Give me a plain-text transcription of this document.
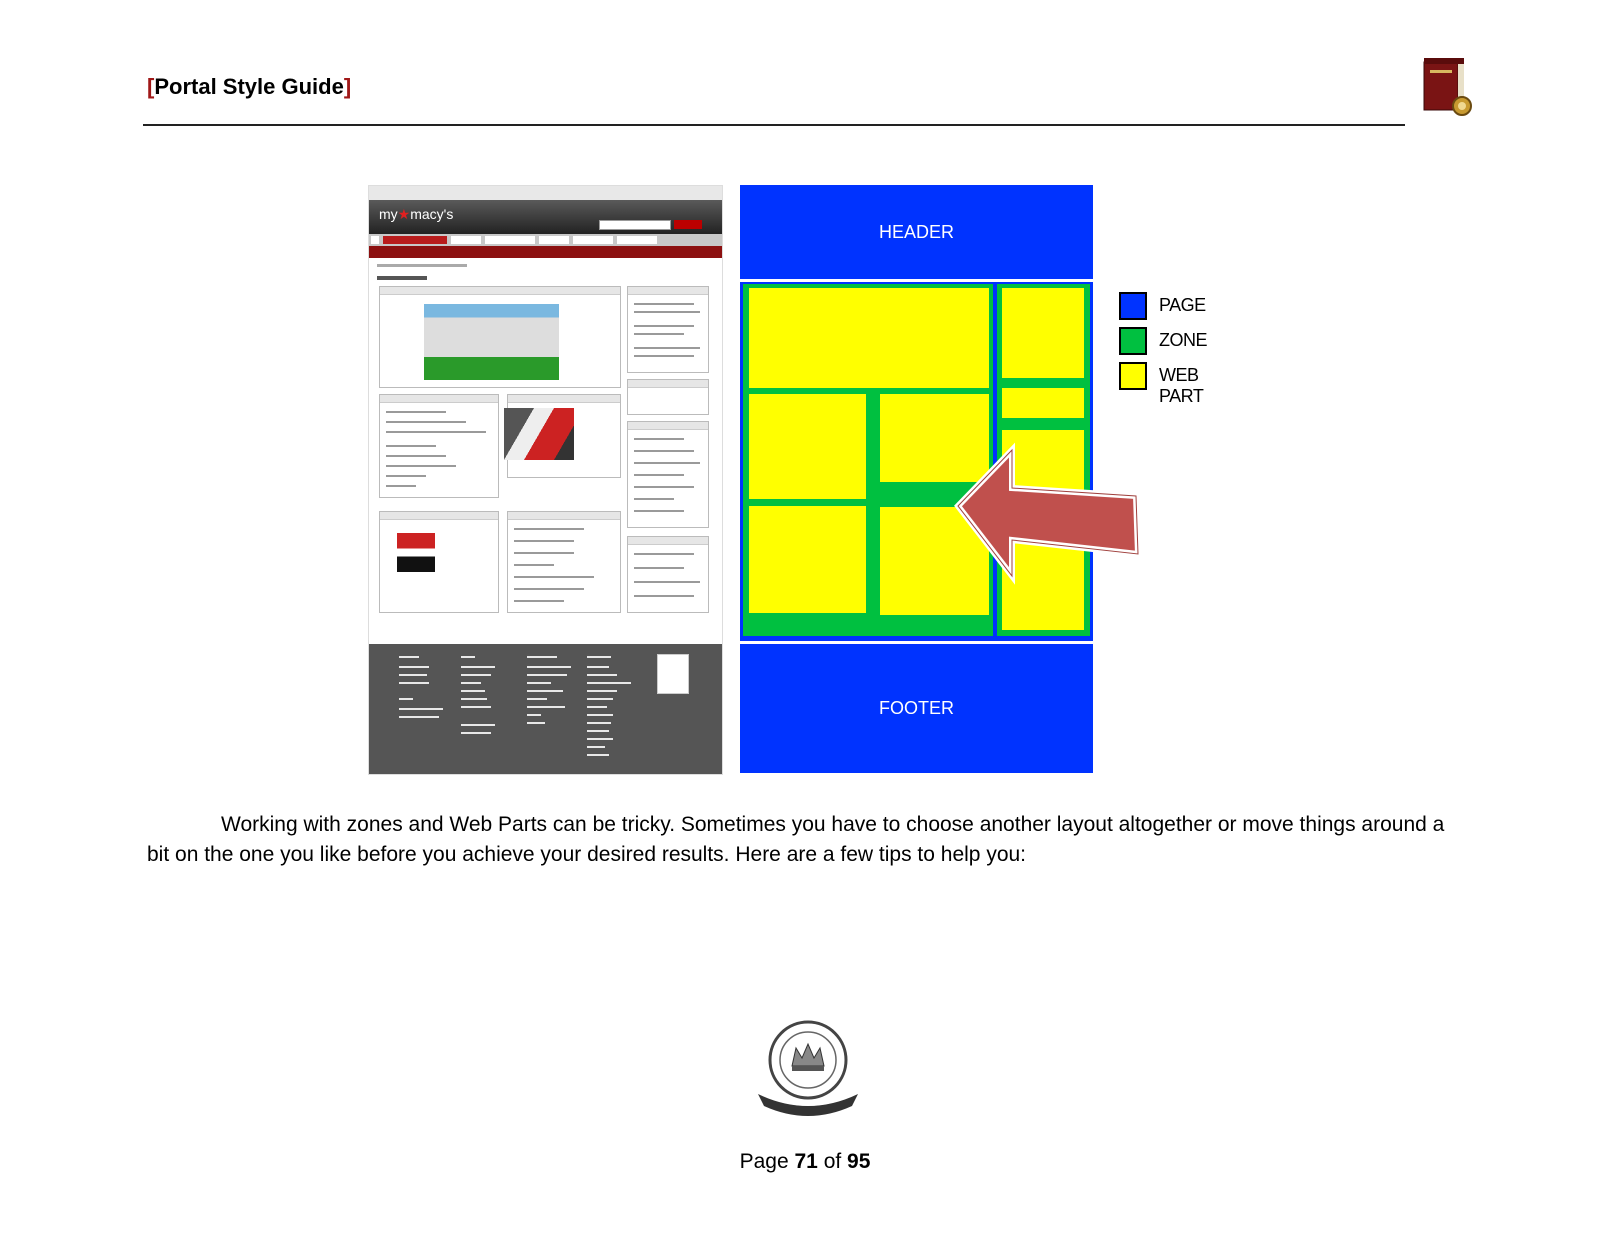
[Portal Style Guide]
my★macy's
HEADER
FOOTER
PAGE
ZONE
WEB PART
Working with zones and Web Parts can be tricky. Sometimes you have to choose another layout altogether or move things around a bit on the one you like before you achieve your desired results. Here are a few tips to help you:
Page 71 of 95
